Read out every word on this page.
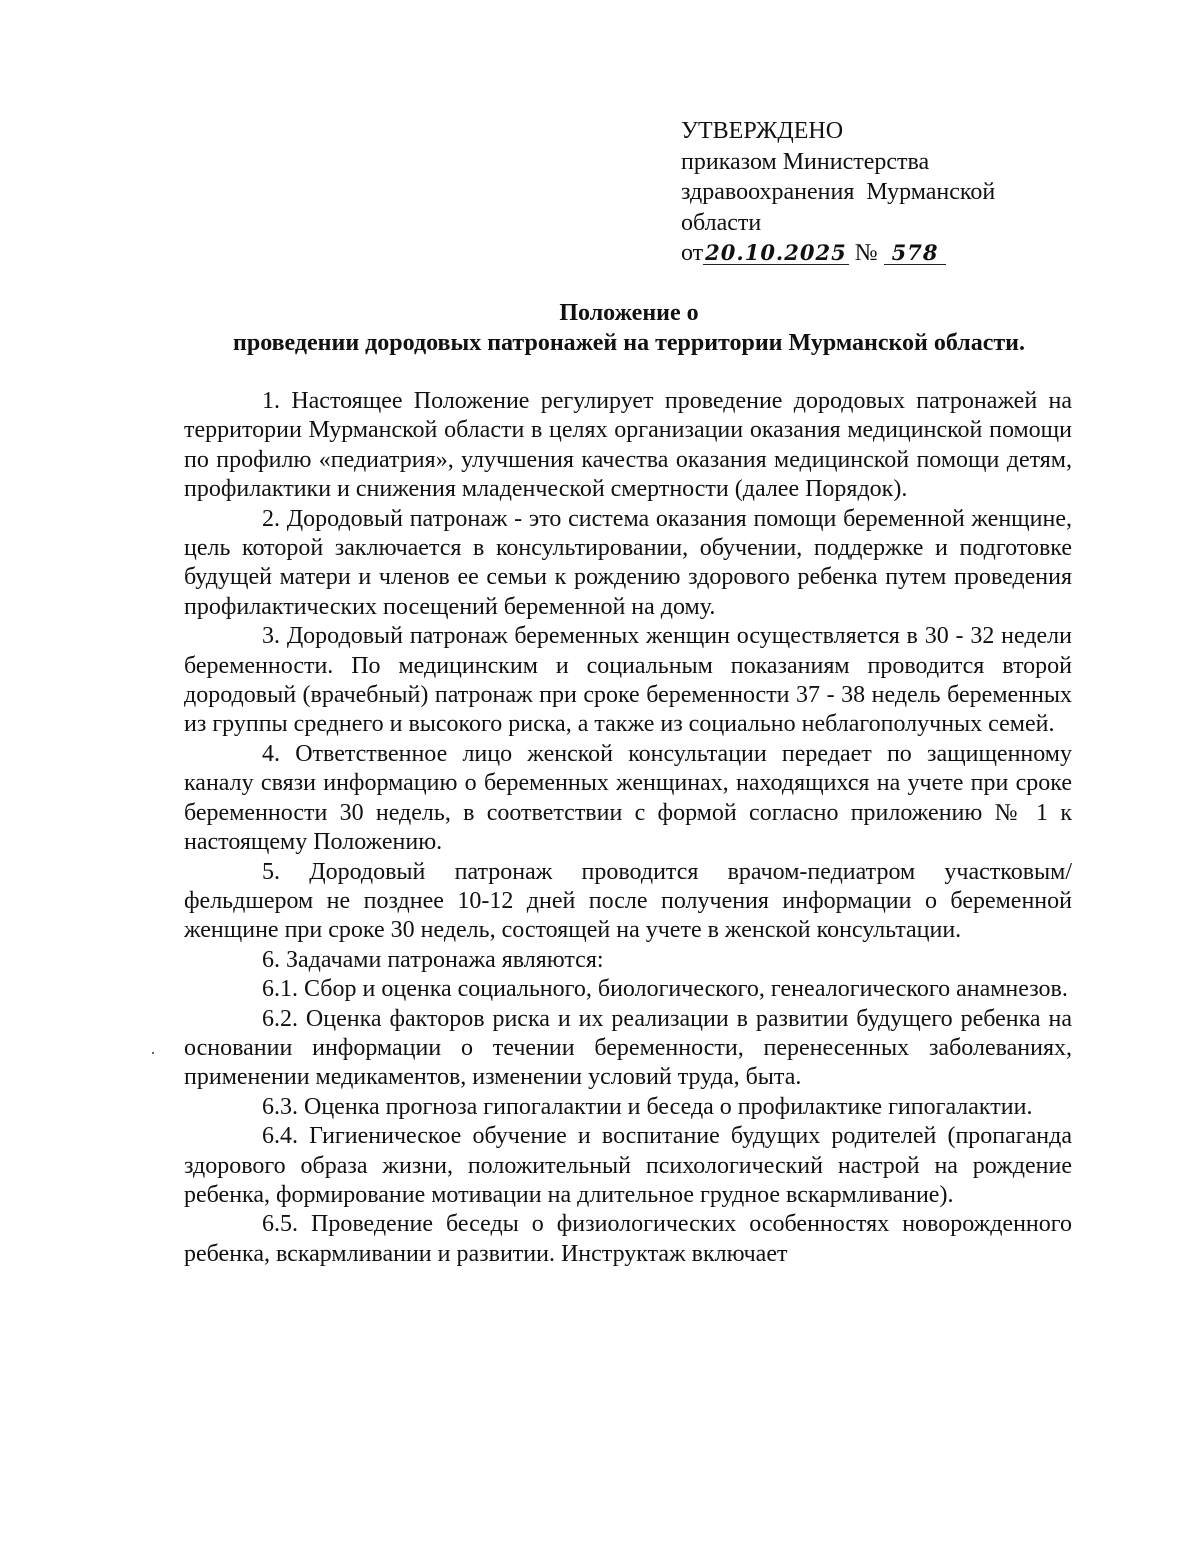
УТВЕРЖДЕНО
приказом Министерства
здравоохранения  Мурманской
области
от20.10.2025 № 578
Положение о
проведении дородовых патронажей на территории Мурманской области.

1. Настоящее Положение регулирует проведение дородовых патронажей на территории Мурманской области в целях организации оказания медицинской помощи по профилю «педиатрия», улучшения качества оказания медицинской помощи детям, профилактики и снижения младенческой смертности (далее Порядок).

2. Дородовый патронаж - это система оказания помощи беременной женщине, цель которой заключается в консультировании, обучении, поддержке и подготовке будущей матери и членов ее семьи к рождению здорового ребенка путем проведения профилактических посещений беременной на дому.

3. Дородовый патронаж беременных женщин осуществляется в 30 - 32 недели беременности. По медицинским и социальным показаниям проводится второй дородовый (врачебный) патронаж при сроке беременности 37 - 38 недель беременных из группы среднего и высокого риска, а также из социально неблагополучных семей.

4. Ответственное лицо женской консультации передает по защищенному каналу связи информацию о беременных женщинах, находящихся на учете при сроке беременности 30 недель, в соответствии с формой согласно приложению № 1 к настоящему Положению.

5. Дородовый патронаж проводится врачом-педиатром участковым/фельдшером не позднее 10-12 дней после получения информации о беременной женщине при сроке 30 недель, состоящей на учете в женской консультации.

6. Задачами патронажа являются:

6.1. Сбор и оценка социального, биологического, генеалогического анамнезов.

6.2. Оценка факторов риска и их реализации в развитии будущего ребенка на основании информации о течении беременности, перенесенных заболеваниях, применении медикаментов, изменении условий труда, быта.

6.3. Оценка прогноза гипогалактии и беседа о профилактике гипогалактии.

6.4. Гигиеническое обучение и воспитание будущих родителей (пропаганда здорового образа жизни, положительный психологический настрой на рождение ребенка, формирование мотивации на длительное грудное вскармливание).

6.5. Проведение беседы о физиологических особенностях новорожденного ребенка, вскармливании и развитии. Инструктаж включает
